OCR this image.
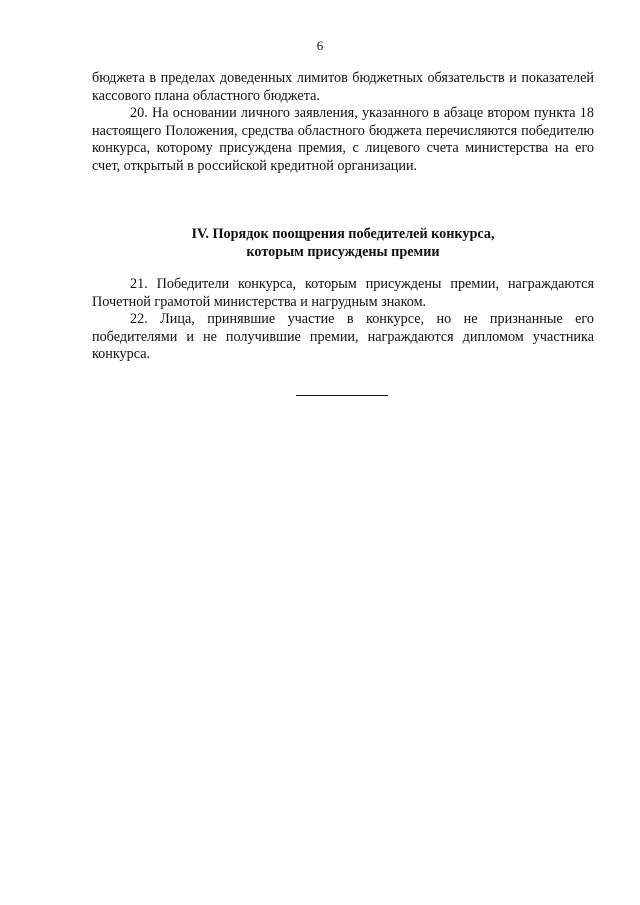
6

бюджета в пределах доведенных лимитов бюджетных обязательств и показателей кассового плана областного бюджета.

20. На основании личного заявления, указанного в абзаце втором пункта 18 настоящего Положения, средства областного бюджета перечисляются победителю конкурса, которому присуждена премия, с лицевого счета министерства на его счет, открытый в российской кредитной организации.

IV. Порядок поощрения победителей конкурса,
которым присуждены премии

21. Победители конкурса, которым присуждены премии, награждаются Почетной грамотой министерства и нагрудным знаком.

22. Лица, принявшие участие в конкурсе, но не признанные его победителями и не получившие премии, награждаются дипломом участника конкурса.
